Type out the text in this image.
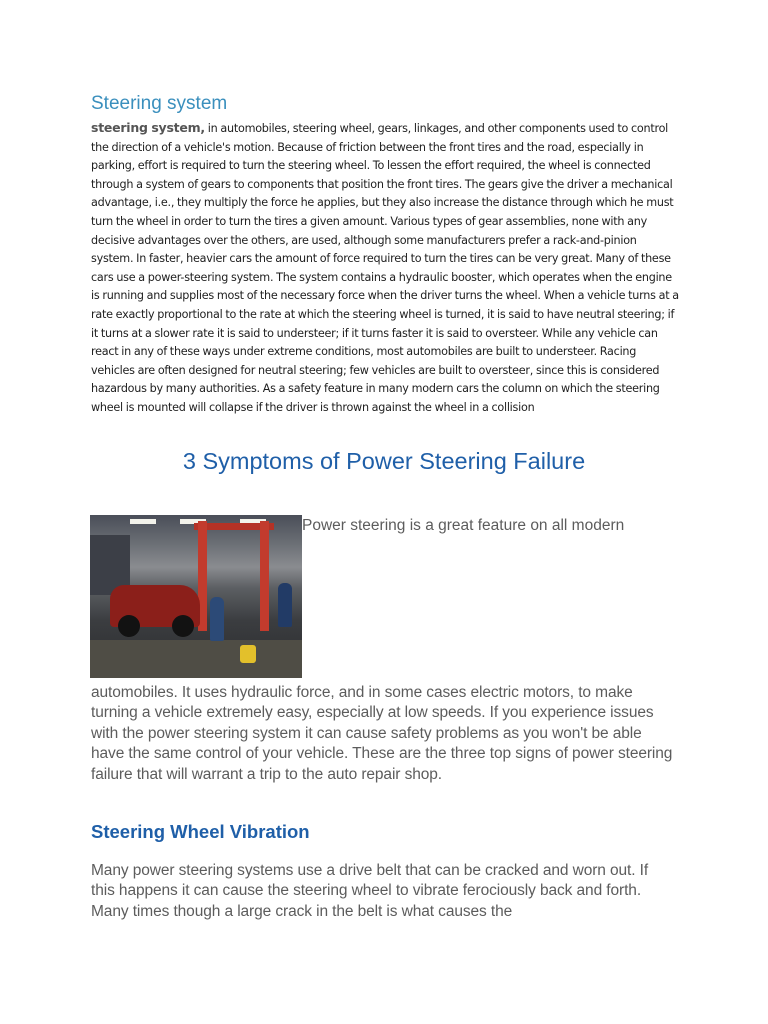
Steering system

steering system, in automobiles, steering wheel, gears, linkages, and other components used to control the direction of a vehicle's motion. Because of friction between the front tires and the road, especially in parking, effort is required to turn the steering wheel. To lessen the effort required, the wheel is connected through a system of gears to components that position the front tires. The gears give the driver a mechanical advantage, i.e., they multiply the force he applies, but they also increase the distance through which he must turn the wheel in order to turn the tires a given amount. Various types of gear assemblies, none with any decisive advantages over the others, are used, although some manufacturers prefer a rack-and-pinion system. In faster, heavier cars the amount of force required to turn the tires can be very great. Many of these cars use a power-steering system. The system contains a hydraulic booster, which operates when the engine is running and supplies most of the necessary force when the driver turns the wheel. When a vehicle turns at a rate exactly proportional to the rate at which the steering wheel is turned, it is said to have neutral steering; if it turns at a slower rate it is said to understeer; if it turns faster it is said to oversteer. While any vehicle can react in any of these ways under extreme conditions, most automobiles are built to understeer. Racing vehicles are often designed for neutral steering; few vehicles are built to oversteer, since this is considered hazardous by many authorities. As a safety feature in many modern cars the column on which the steering wheel is mounted will collapse if the driver is thrown against the wheel in a collision

3 Symptoms of Power Steering Failure

Power steering is a great feature on all modern

automobiles. It uses hydraulic force, and in some cases electric motors, to make turning a vehicle extremely easy, especially at low speeds. If you experience issues with the power steering system it can cause safety problems as you won't be able have the same control of your vehicle. These are the three top signs of power steering failure that will warrant a trip to the auto repair shop.

Steering Wheel Vibration

Many power steering systems use a drive belt that can be cracked and worn out. If this happens it can cause the steering wheel to vibrate ferociously back and forth. Many times though a large crack in the belt is what causes the
